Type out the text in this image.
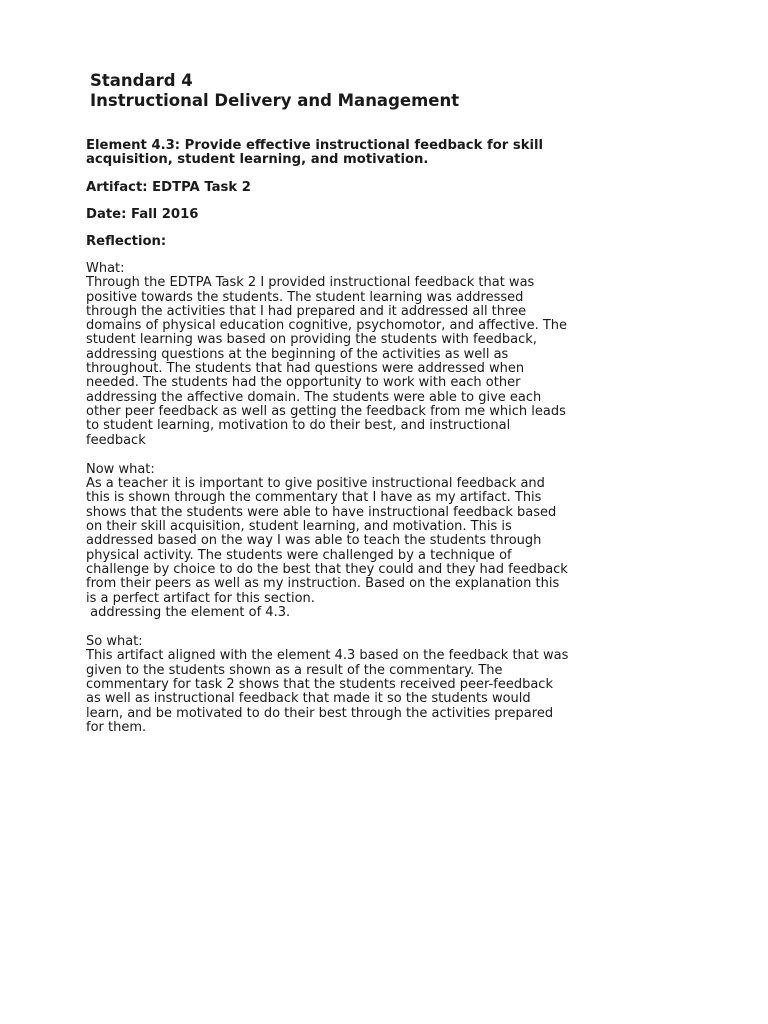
Standard 4

Instructional Delivery and Management

Element 4.3: Provide effective instructional feedback for skill

acquisition, student learning, and motivation.

Artifact: EDTPA Task 2

Date: Fall 2016

Reflection:

What:

Through the EDTPA Task 2 I provided instructional feedback that was

positive towards the students. The student learning was addressed

through the activities that I had prepared and it addressed all three

domains of physical education cognitive, psychomotor, and affective. The

student learning was based on providing the students with feedback,

addressing questions at the beginning of the activities as well as

throughout. The students that had questions were addressed when

needed. The students had the opportunity to work with each other

addressing the affective domain. The students were able to give each

other peer feedback as well as getting the feedback from me which leads

to student learning, motivation to do their best, and instructional

feedback

Now what:

As a teacher it is important to give positive instructional feedback and

this is shown through the commentary that I have as my artifact. This

shows that the students were able to have instructional feedback based

on their skill acquisition, student learning, and motivation. This is

addressed based on the way I was able to teach the students through

physical activity. The students were challenged by a technique of

challenge by choice to do the best that they could and they had feedback

from their peers as well as my instruction. Based on the explanation this

is a perfect artifact for this section.

addressing the element of 4.3.

So what:

This artifact aligned with the element 4.3 based on the feedback that was

given to the students shown as a result of the commentary. The

commentary for task 2 shows that the students received peer-feedback

as well as instructional feedback that made it so the students would

learn, and be motivated to do their best through the activities prepared

for them.
